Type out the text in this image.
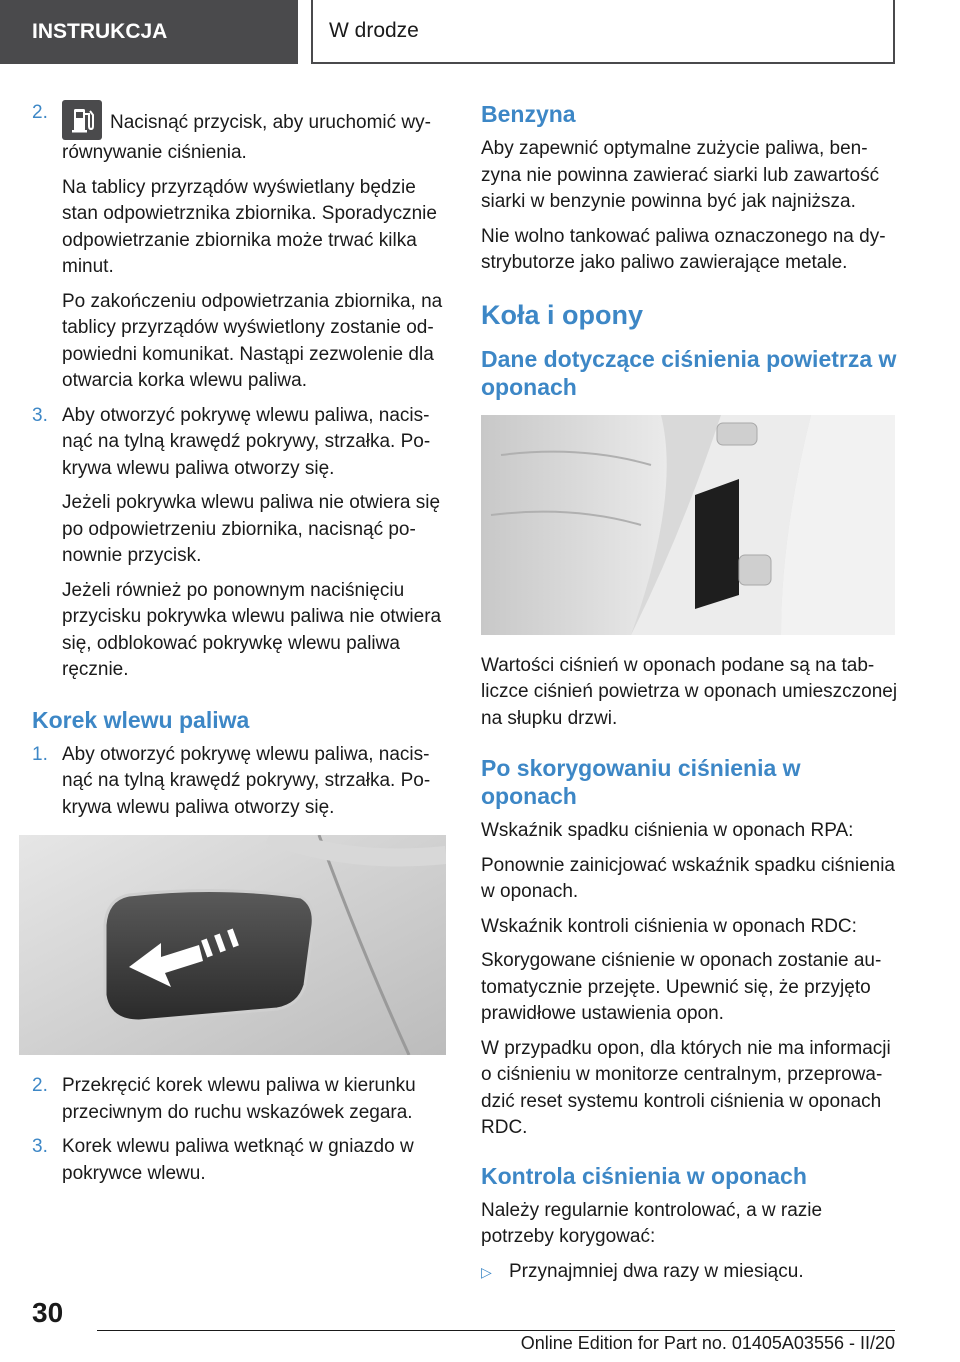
INSTRUKCJA	W drodze
2.	Nacisnąć przycisk, aby uruchomić wyrównywanie ciśnienia.

Na tablicy przyrządów wyświetlany będzie stan odpowietrznika zbiornika. Sporadycznie odpowietrzanie zbiornika może trwać kilka minut.

Po zakończeniu odpowietrzania zbiornika, na tablicy przyrządów wyświetlony zostanie odpowiedni komunikat. Nastąpi zezwolenie dla otwarcia korka wlewu paliwa.

3. Aby otworzyć pokrywę wlewu paliwa, nacisnąć na tylną krawędź pokrywy, strzałka. Pokrywa wlewu paliwa otworzy się.

Jeżeli pokrywka wlewu paliwa nie otwiera się po odpowietrzeniu zbiornika, nacisnąć ponownie przycisk.

Jeżeli również po ponownym naciśnięciu przycisku pokrywka wlewu paliwa nie otwiera się, odblokować pokrywkę wlewu paliwa ręcznie.

Korek wlewu paliwa
1. Aby otworzyć pokrywę wlewu paliwa, nacisnąć na tylną krawędź pokrywy, strzałka. Pokrywa wlewu paliwa otworzy się.
2. Przekręcić korek wlewu paliwa w kierunku przeciwnym do ruchu wskazówek zegara.
3. Korek wlewu paliwa wetknąć w gniazdo w pokrywce wlewu.
Benzyna

Aby zapewnić optymalne zużycie paliwa, benzyna nie powinna zawierać siarki lub zawartość siarki w benzynie powinna być jak najniższa.

Nie wolno tankować paliwa oznaczonego na dystrybutorze jako paliwo zawierające metale.

Koła i opony
Dane dotyczące ciśnienia powietrza w oponach

Wartości ciśnień w oponach podane są na tabliczce ciśnień powietrza w oponach umieszczonej na słupku drzwi.

Po skorygowaniu ciśnienia w oponach

Wskaźnik spadku ciśnienia w oponach RPA:

Ponownie zainicjować wskaźnik spadku ciśnienia w oponach.

Wskaźnik kontroli ciśnienia w oponach RDC:

Skorygowane ciśnienie w oponach zostanie automatycznie przejęte. Upewnić się, że przyjęto prawidłowe ustawienia opon.

W przypadku opon, dla których nie ma informacji o ciśnieniu w monitorze centralnym, przeprowadzić reset systemu kontroli ciśnienia w oponach RDC.

Kontrola ciśnienia w oponach

Należy regularnie kontrolować, a w razie potrzeby korygować:

▷ Przynajmniej dwa razy w miesiącu.
30
Online Edition for Part no. 01405A03556 - II/20
